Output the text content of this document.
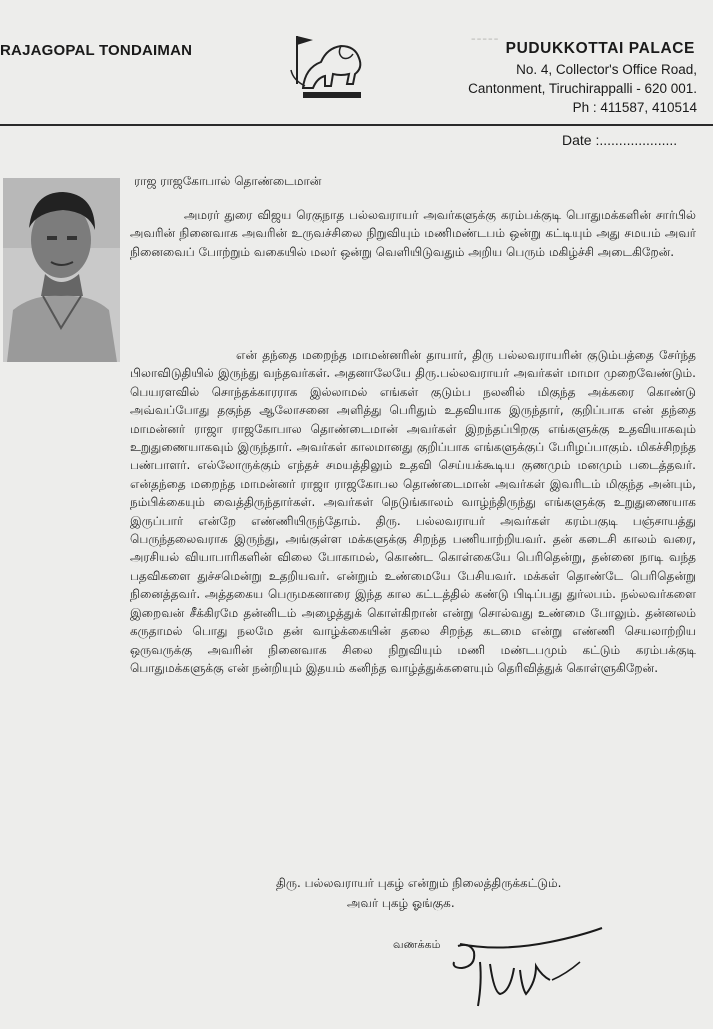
-----
RAJAGOPAL TONDAIMAN	PUDUKKOTTAI PALACE
No. 4, Collector's Office Road,
Cantonment, Tiruchirappalli - 620 001.
Ph : 411587, 410514
Date :....................
ராஜ ராஜகோபால் தொண்டைமான்

அமரர் துரை விஜய ரெகுநாத பல்லவராயர் அவர்களுக்கு கரம்பக்குடி பொதுமக்களின் சார்பில் அவரின் நினைவாக அவரின் உருவச்சிலை நிறுவியும் மணிமண்டபம் ஒன்று கட்டியும் அது சமயம் அவர் நினைவைப் போற்றும் வகையில் மலர் ஒன்று வெளியிடுவதும் அறிய பெரும் மகிழ்ச்சி அடைகிறேன்.

என் தந்தை மறைந்த மாமன்னரின் தாயார், திரு பல்லவராயரின் குடும்பத்தை சேர்ந்த பிலாவிடுதியில் இருந்து வந்தவர்கள். அதனாலேயே திரு.பல்லவராயர் அவர்கள் மாமா முறைவேண்டும். பெயரளவில் சொந்தக்காரராக இல்லாமல் எங்கள் குடும்ப நலனில் மிகுந்த அக்கரை கொண்டு அவ்வப்போது தகுந்த ஆலோசனை அளித்து பெரிதும் உதவியாக இருந்தார், குறிப்பாக என் தந்தை மாமன்னர் ராஜா ராஜகோபால தொண்டைமான் அவர்கள் இறந்தப்பிறகு எங்களுக்கு உதவியாகவும் உறுதுணையாகவும் இருந்தார். அவர்கள் காலமானது குறிப்பாக எங்களுக்குப் பேரிழப்பாகும். மிகச்சிறந்த பண்பாளர். எல்லோருக்கும் எந்தச் சமயத்திலும் உதவி செய்யக்கூடிய குணமும் மனமும் படைத்தவர். என்தந்தை மறைந்த மாமன்னர் ராஜா ராஜகோபல தொண்டைமான் அவர்கள் இவரிடம் மிகுந்த அன்பும், நம்பிக்கையும் வைத்திருந்தார்கள். அவர்கள் நெடுங்காலம் வாழ்ந்திருந்து எங்களுக்கு உறுதுணையாக இருப்பார் என்றே எண்ணியிருந்தோம். திரு. பல்லவராயர் அவர்கள் கரம்பகுடி பஞ்சாயத்து பெருந்தலைவராக இருந்து, அங்குள்ள மக்களுக்கு சிறந்த பணியாற்றியவர். தன் கடைசி காலம் வரை, அரசியல் வியாபாரிகளின் விலை போகாமல், கொண்ட கொள்கையே பெரிதென்று, தன்னை நாடி வந்த பதவிகளை துச்சமென்று உதறியவர். என்றும் உண்மையே பேசியவர். மக்கள் தொண்டே பெரிதென்று நினைத்தவர். அத்தகைய பெருமகனாரை இந்த கால கட்டத்தில் கண்டு பிடிப்பது துர்லபம். நல்லவர்களை இறைவன் சீக்கிரமே தன்னிடம் அழைத்துக் கொள்கிறான் என்று சொல்வது உண்மை போலும். தன்னலம் கருதாமல் பொது நலமே தன் வாழ்க்கையின் தலை சிறந்த கடமை என்று எண்ணி செயலாற்றிய ஒருவருக்கு அவரின் நினைவாக சிலை நிறுவியும் மணி மண்டபமும் கட்டும் கரம்பக்குடி பொதுமக்களுக்கு என் நன்றியும் இதயம் கனிந்த வாழ்த்துக்களையும் தெரிவித்துக் கொள்ளுகிறேன்.

திரு. பல்லவராயர் புகழ் என்றும் நிலைத்திருக்கட்டும்.
அவர் புகழ் ஓங்குக.
வணக்கம்
